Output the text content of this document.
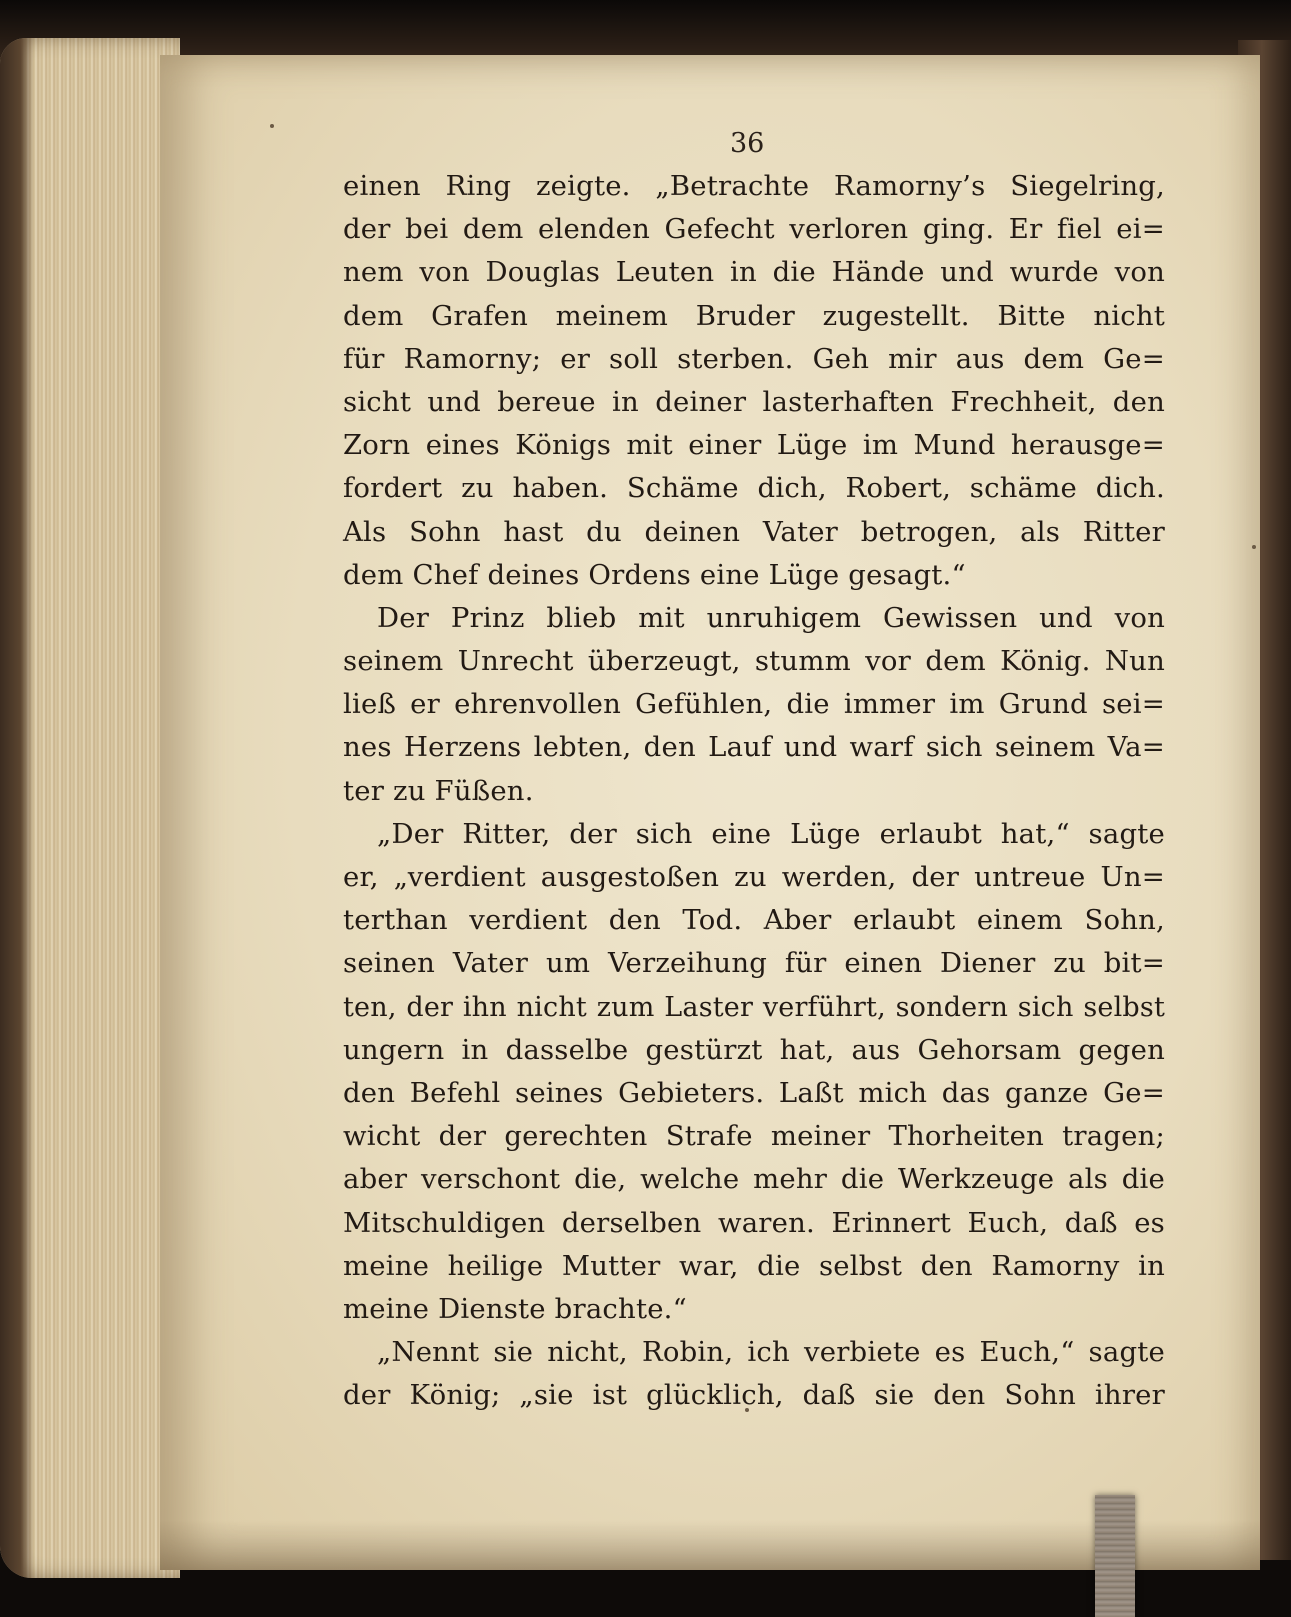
36
einen Ring zeigte. „Betrachte Ramorny’s Siegelring,
der bei dem elenden Gefecht verloren ging. Er fiel ei=
nem von Douglas Leuten in die Hände und wurde von
dem Grafen meinem Bruder zugestellt. Bitte nicht
für Ramorny; er soll sterben. Geh mir aus dem Ge=
sicht und bereue in deiner lasterhaften Frechheit, den
Zorn eines Königs mit einer Lüge im Mund herausge=
fordert zu haben. Schäme dich, Robert, schäme dich.
Als Sohn hast du deinen Vater betrogen, als Ritter
dem Chef deines Ordens eine Lüge gesagt.“
Der Prinz blieb mit unruhigem Gewissen und von
seinem Unrecht überzeugt, stumm vor dem König. Nun
ließ er ehrenvollen Gefühlen, die immer im Grund sei=
nes Herzens lebten, den Lauf und warf sich seinem Va=
ter zu Füßen.
„Der Ritter, der sich eine Lüge erlaubt hat,“ sagte
er, „verdient ausgestoßen zu werden, der untreue Un=
terthan verdient den Tod. Aber erlaubt einem Sohn,
seinen Vater um Verzeihung für einen Diener zu bit=
ten, der ihn nicht zum Laster verführt, sondern sich selbst
ungern in dasselbe gestürzt hat, aus Gehorsam gegen
den Befehl seines Gebieters. Laßt mich das ganze Ge=
wicht der gerechten Strafe meiner Thorheiten tragen;
aber verschont die, welche mehr die Werkzeuge als die
Mitschuldigen derselben waren. Erinnert Euch, daß es
meine heilige Mutter war, die selbst den Ramorny in
meine Dienste brachte.“
„Nennt sie nicht, Robin, ich verbiete es Euch,“ sagte
der König; „sie ist glücklich, daß sie den Sohn ihrer
